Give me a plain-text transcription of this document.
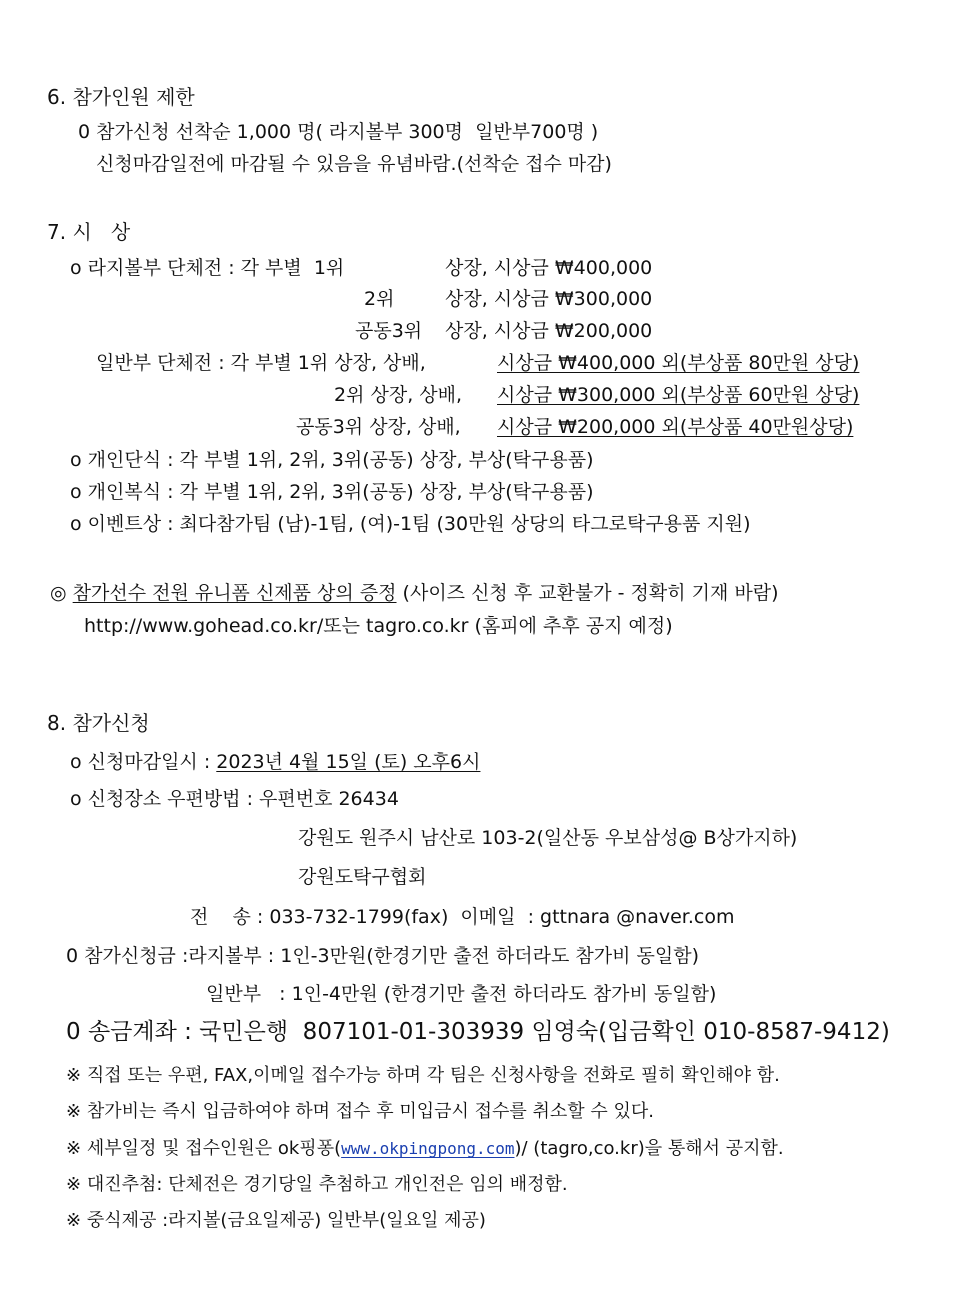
6. 참가인원 제한
0 참가신청 선착순 1,000 명( 라지볼부 300명  일반부700명 )
신청마감일전에 마감될 수 있음을 유념바람.(선착순 접수 마감)
7. 시   상
o 라지볼부 단체전 : 각 부별  1위	상장, 시상금 ₩400,000
2위	상장, 시상금 ₩300,000
공동3위 상장, 시상금 ₩200,000
일반부 단체전 : 각 부별 1위 상장, 상배,	시상금 ₩400,000 외(부상품 80만원 상당)
2위 상장, 상배, 시상금 ₩300,000 외(부상품 60만원 상당)
공동3위 상장, 상배, 시상금 ₩200,000 외(부상품 40만원상당)
o 개인단식 : 각 부별 1위, 2위, 3위(공동) 상장, 부상(탁구용품)
o 개인복식 : 각 부별 1위, 2위, 3위(공동) 상장, 부상(탁구용품)
o 이벤트상 : 최다참가팀 (남)-1팀, (여)-1팀 (30만원 상당의 타그로탁구용품 지원)
◎ 참가선수 전원 유니폼 신제품 상의 증정 (사이즈 신청 후 교환불가 - 정확히 기재 바람)
http://www.gohead.co.kr/또는 tagro.co.kr (홈피에 추후 공지 예정)
8. 참가신청
o 신청마감일시 : 2023년 4월 15일 (토) 오후6시
o 신청장소 우편방법 : 우편번호 26434
강원도 원주시 남산로 103-2(일산동 우보삼성@ B상가지하)
강원도탁구협회
전    송 : 033-732-1799(fax)  이메일  : gttnara @naver.com
0 참가신청금 :라지볼부 : 1인-3만원(한경기만 출전 하더라도 참가비 동일함)
일반부   : 1인-4만원 (한경기만 출전 하더라도 참가비 동일함)
0 송금계좌 : 국민은행  807101-01-303939 임영숙(입금확인 010-8587-9412)
※ 직접 또는 우편, FAX,이메일 접수가능 하며 각 팀은 신청사항을 전화로 필히 확인해야 함.
※ 참가비는 즉시 입금하여야 하며 접수 후 미입금시 접수를 취소할 수 있다.
※ 세부일정 및 접수인원은 ok핑퐁(www.okpingpong.com)/ (tagro,co.kr)을 통해서 공지함.
※ 대진추첨: 단체전은 경기당일 추첨하고 개인전은 임의 배정함.
※ 중식제공 :라지볼(금요일제공) 일반부(일요일 제공)
